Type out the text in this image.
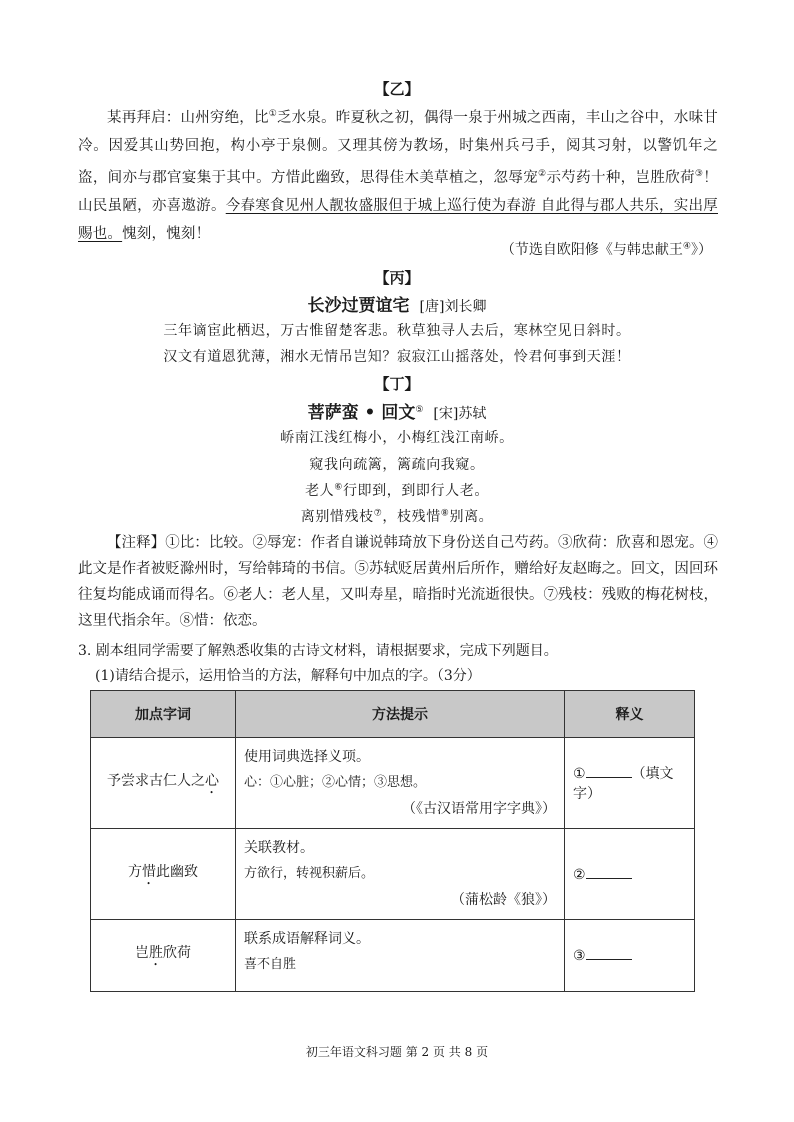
【乙】
某再拜启：山州穷绝，比①乏水泉。昨夏秋之初，偶得一泉于州城之西南，丰山之谷中，水味甘冷。因爱其山势回抱，构小亭于泉侧。又理其傍为教场，时集州兵弓手，阅其习射，以警饥年之盗，间亦与郡官宴集于其中。方惜此幽致，思得佳木美草植之，忽辱宠②示芍药十种，岂胜欣荷③！山民虽陋，亦喜遨游。今春寒食见州人靓妆盛服但于城上巡行使为春游 自此得与郡人共乐，实出厚赐也。愧刻，愧刻！
（节选自欧阳修《与韩忠献王④》）
【丙】
长沙过贾谊宅 [唐]刘长卿
三年谪宦此栖迟，万古惟留楚客悲。秋草独寻人去后，寒林空见日斜时。
汉文有道恩犹薄，湘水无情吊岂知？寂寂江山摇落处，怜君何事到天涯！
【丁】
菩萨蛮 • 回文⑤ [宋]苏轼
峤南江浅红梅小，小梅红浅江南峤。
窥我向疏篱，篱疏向我窥。
老人⑥行即到，到即行人老。
离别惜残枝⑦，枝残惜⑧别离。
【注释】①比：比较。②辱宠：作者自谦说韩琦放下身份送自己芍药。③欣荷：欣喜和恩宠。④此文是作者被贬滁州时，写给韩琦的书信。⑤苏轼贬居黄州后所作，赠给好友赵晦之。回文，因回环往复均能成诵而得名。⑥老人：老人星，又叫寿星，暗指时光流逝很快。⑦残枝：残败的梅花树枝，这里代指余年。⑧惜：依恋。
3. 剧本组同学需要了解熟悉收集的古诗文材料，请根据要求，完成下列题目。
(1)请结合提示，运用恰当的方法，解释句中加点的字。（3分）
加点字词	方法提示	释义
予尝求古仁人之心	使用词典选择义项。
心：①心脏；②心情；③思想。
（《古汉语常用字字典》）	① （填文字）
方惜此幽致	关联教材。
方欲行，转视积薪后。
（蒲松龄《狼》）	②
岂胜欣荷	联系成语解释词义。
喜不自胜	③
初三年语文科习题 第 2 页 共 8 页
